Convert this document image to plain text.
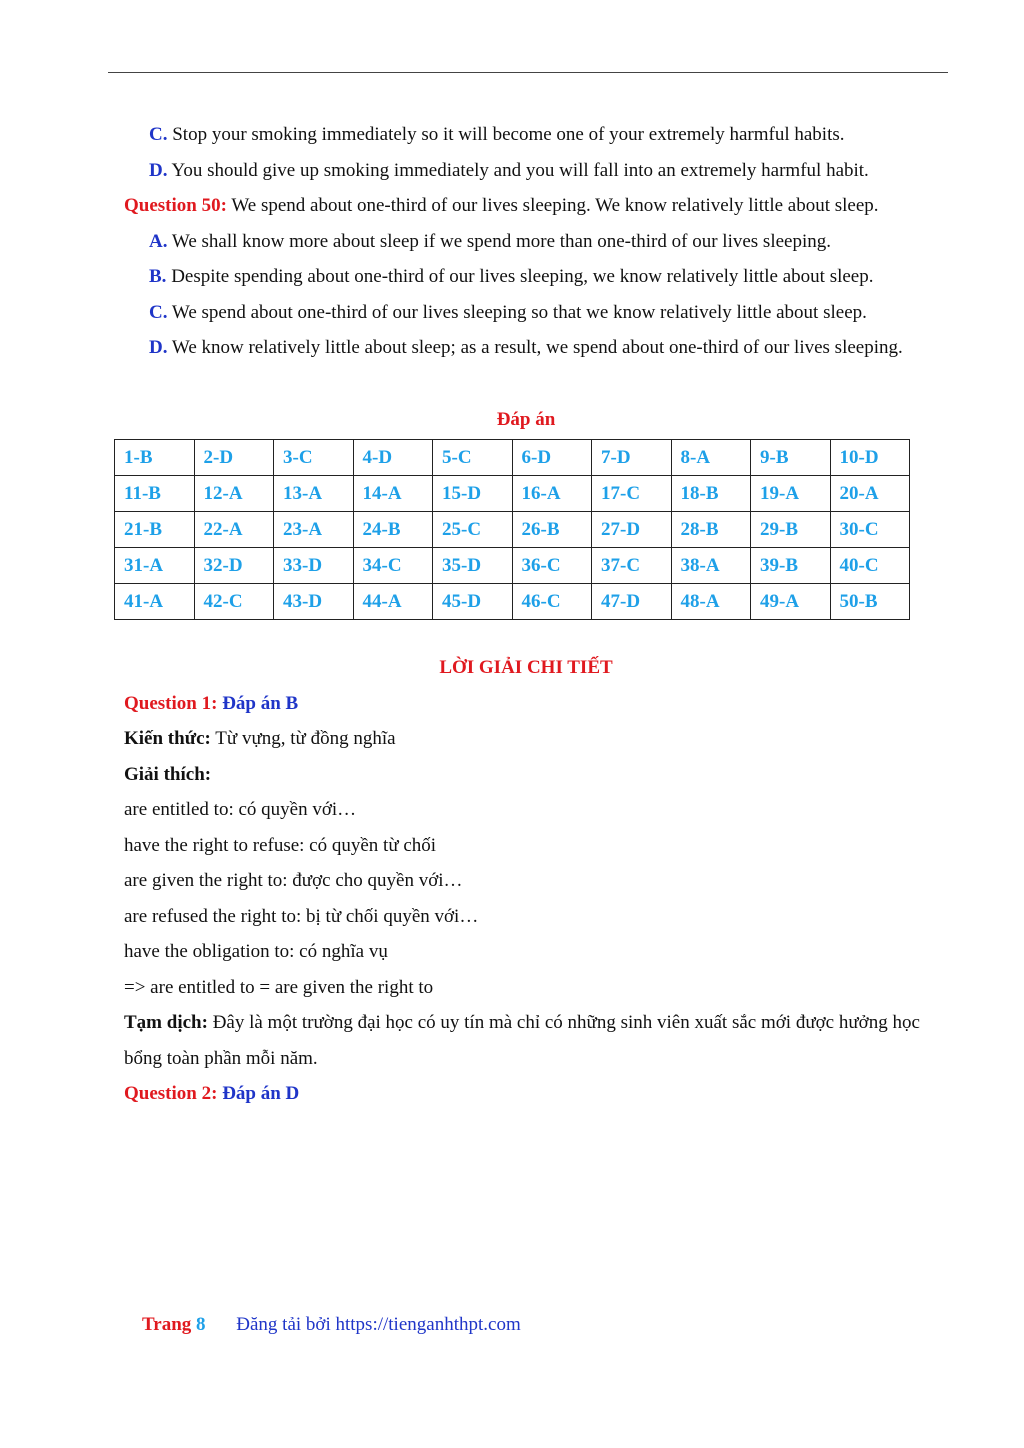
C. Stop your smoking immediately so it will become one of your extremely harmful habits.

D. You should give up smoking immediately and you will fall into an extremely harmful habit.

Question 50: We spend about one-third of our lives sleeping. We know relatively little about sleep.

A. We shall know more about sleep if we spend more than one-third of our lives sleeping.

B. Despite spending about one-third of our lives sleeping, we know relatively little about sleep.

C. We spend about one-third of our lives sleeping so that we know relatively little about sleep.

D. We know relatively little about sleep; as a result, we spend about one-third of our lives sleeping.

Đáp án

1-B	2-D	3-C	4-D	5-C	6-D	7-D	8-A	9-B	10-D
11-B	12-A	13-A	14-A	15-D	16-A	17-C	18-B	19-A	20-A
21-B	22-A	23-A	24-B	25-C	26-B	27-D	28-B	29-B	30-C
31-A	32-D	33-D	34-C	35-D	36-C	37-C	38-A	39-B	40-C
41-A	42-C	43-D	44-A	45-D	46-C	47-D	48-A	49-A	50-B

LỜI GIẢI CHI TIẾT

Question 1: Đáp án B

Kiến thức: Từ vựng, từ đồng nghĩa

Giải thích:

are entitled to: có quyền với…

have the right to refuse: có quyền từ chối

are given the right to: được cho quyền với…

are refused the right to: bị từ chối quyền với…

have the obligation to: có nghĩa vụ

=> are entitled to = are given the right to

Tạm dịch: Đây là một trường đại học có uy tín mà chỉ có những sinh viên xuất sắc mới được hưởng học bổng toàn phần mỗi năm.

Question 2: Đáp án D

Trang 8 Đăng tải bởi https://tienganhthpt.com
